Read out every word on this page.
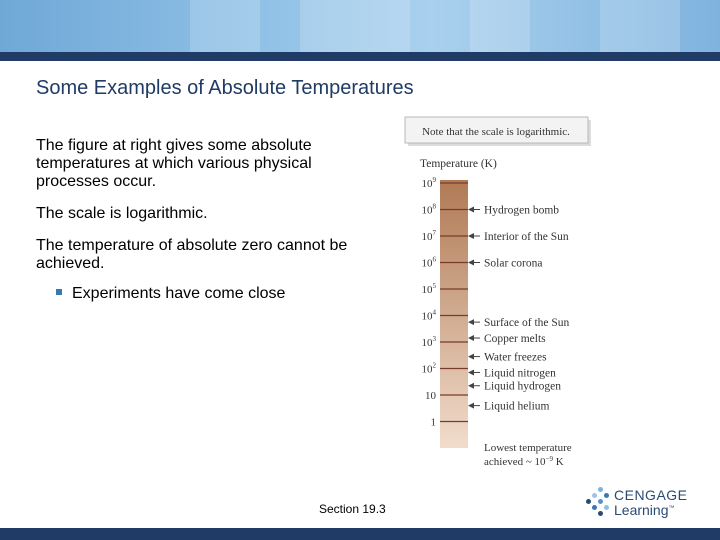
Some Examples of Absolute Temperatures
The figure at right gives some absolute temperatures at which various physical processes occur.
The scale is logarithmic.
The temperature of absolute zero cannot be achieved.
Experiments have come close
Note that the scale is logarithmic.
Temperature (K)
$10^9$
$10^8$
$10^7$
$10^6$
$10^5$
$10^4$
$10^3$
$10^2$
10
1
Hydrogen bomb
Interior of the Sun
Solar corona
Surface of the Sun
Copper melts
Water freezes
Liquid nitrogen
Liquid hydrogen
Liquid helium
Lowest temperature
achieved ~ $10^{-9}$ K
Section 19.3
CENGAGE
Learning™
